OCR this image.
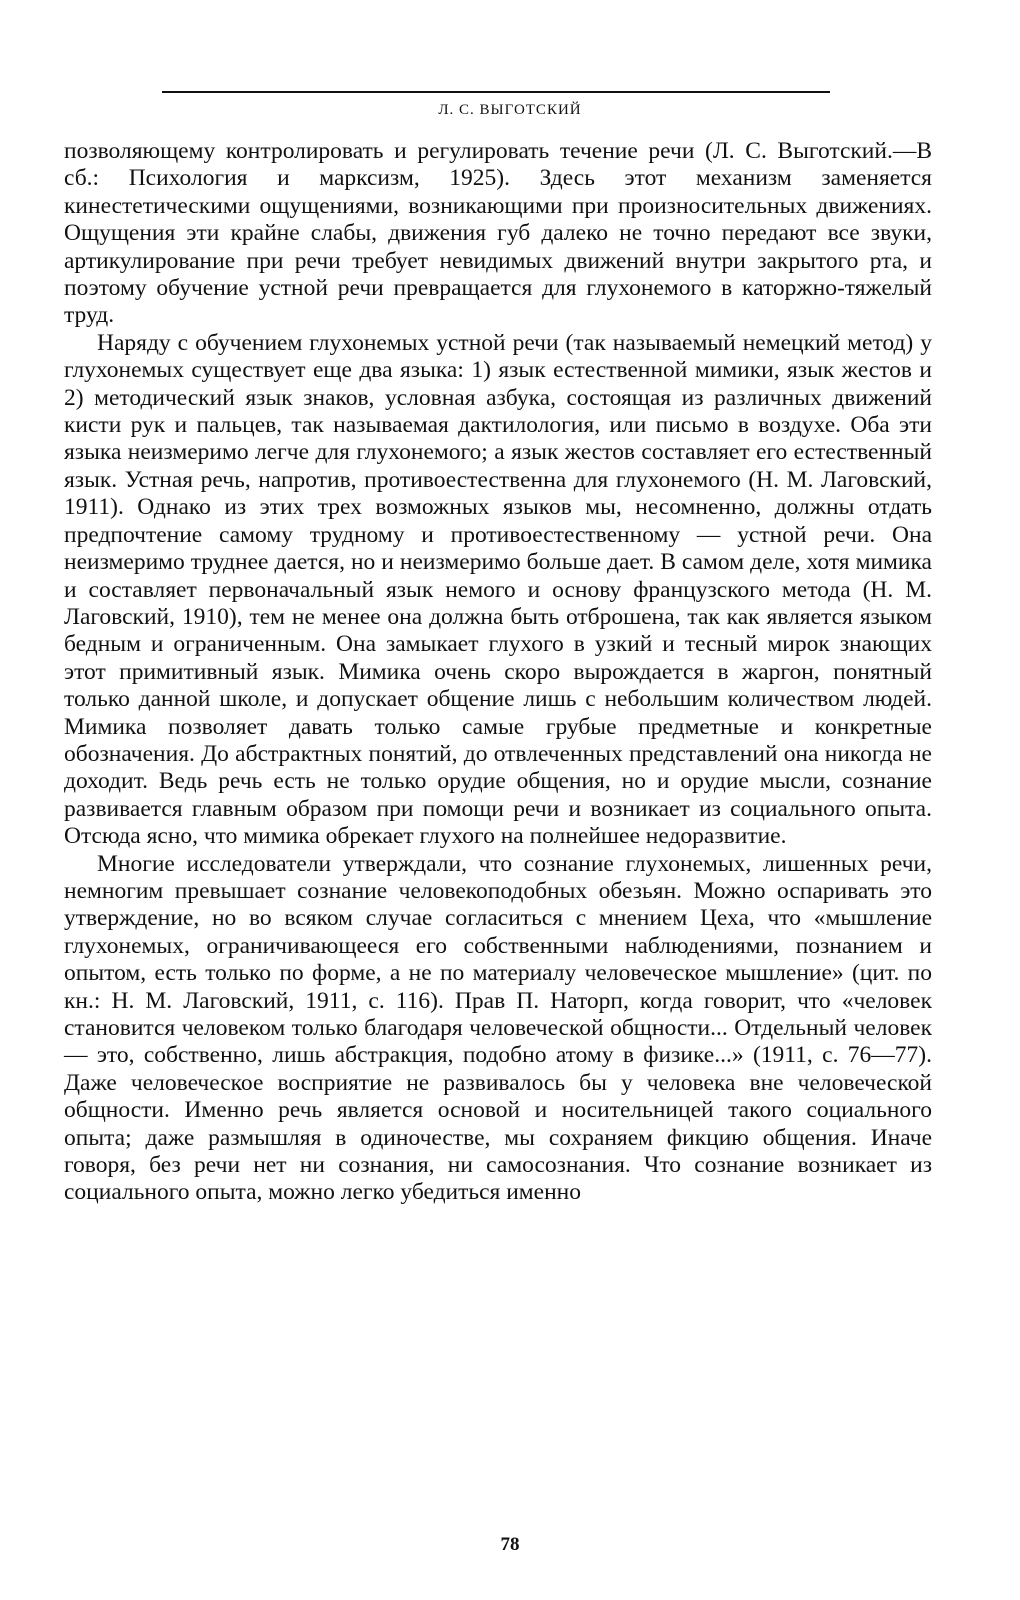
Л. С. ВЫГОТСКИЙ

позволяющему контролировать и регулировать течение речи (Л. С. Выготский.—В сб.: Психология и марксизм, 1925). Здесь этот механизм заменяется кинестетическими ощущениями, возникающими при произносительных движениях. Ощущения эти крайне слабы, движения губ далеко не точно передают все звуки, артикулирование при речи требует невидимых движений внутри закрытого рта, и поэтому обучение устной речи превращается для глухонемого в каторжно-тяжелый труд.

Наряду с обучением глухонемых устной речи (так называемый немецкий метод) у глухонемых существует еще два языка: 1) язык естественной мимики, язык жестов и 2) методический язык знаков, условная азбука, состоящая из различных движений кисти рук и пальцев, так называемая дактилология, или письмо в воздухе. Оба эти языка неизмеримо легче для глухонемого; а язык жестов составляет его естественный язык. Устная речь, напротив, противоестественна для глухонемого (Н. М. Лаговский, 1911). Однако из этих трех возможных языков мы, несомненно, должны отдать предпочтение самому трудному и противоестественному — устной речи. Она неизмеримо труднее дается, но и неизмеримо больше дает. В самом деле, хотя мимика и составляет первоначальный язык немого и основу французского метода (Н. М. Лаговский, 1910), тем не менее она должна быть отброшена, так как является языком бедным и ограниченным. Она замыкает глухого в узкий и тесный мирок знающих этот примитивный язык. Мимика очень скоро вырождается в жаргон, понятный только данной школе, и допускает общение лишь с небольшим количеством людей. Мимика позволяет давать только самые грубые предметные и конкретные обозначения. До абстрактных понятий, до отвлеченных представлений она никогда не доходит. Ведь речь есть не только орудие общения, но и орудие мысли, сознание развивается главным образом при помощи речи и возникает из социального опыта. Отсюда ясно, что мимика обрекает глухого на полнейшее недоразвитие.

Многие исследователи утверждали, что сознание глухонемых, лишенных речи, немногим превышает сознание человекоподобных обезьян. Можно оспаривать это утверждение, но во всяком случае согласиться с мнением Цеха, что «мышление глухонемых, ограничивающееся его собственными наблюдениями, познанием и опытом, есть только по форме, а не по материалу человеческое мышление» (цит. по кн.: Н. М. Лаговский, 1911, с. 116). Прав П. Наторп, когда говорит, что «человек становится человеком только благодаря человеческой общности... Отдельный человек — это, собственно, лишь абстракция, подобно атому в физике...» (1911, с. 76—77). Даже человеческое восприятие не развивалось бы у человека вне человеческой общности. Именно речь является основой и носительницей такого социального опыта; даже размышляя в одиночестве, мы сохраняем фикцию общения. Иначе говоря, без речи нет ни сознания, ни самосознания. Что сознание возникает из социального опыта, можно легко убедиться именно

78
